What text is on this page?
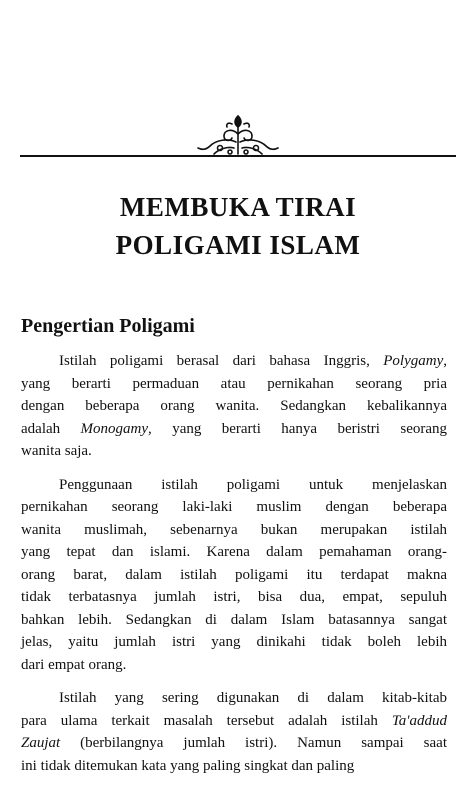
MEMBUKA TIRAI
POLIGAMI ISLAM
Pengertian Poligami
Istilah poligami berasal dari bahasa Inggris, Polygamy,
yang berarti permaduan atau pernikahan seorang pria
dengan beberapa orang wanita. Sedangkan kebalikannya
adalah Monogamy, yang berarti hanya beristri seorang
wanita saja.
Penggunaan istilah poligami untuk menjelaskan
pernikahan seorang laki-laki muslim dengan beberapa
wanita muslimah, sebenarnya bukan merupakan istilah
yang tepat dan islami. Karena dalam pemahaman orang-
orang barat, dalam istilah poligami itu terdapat makna
tidak terbatasnya jumlah istri, bisa dua, empat, sepuluh
bahkan lebih. Sedangkan di dalam Islam batasannya sangat
jelas, yaitu jumlah istri yang dinikahi tidak boleh lebih
dari empat orang.
Istilah yang sering digunakan di dalam kitab-kitab
para ulama terkait masalah tersebut adalah istilah Ta'addud
Zaujat (berbilangnya jumlah istri). Namun sampai saat
ini tidak ditemukan kata yang paling singkat dan paling
